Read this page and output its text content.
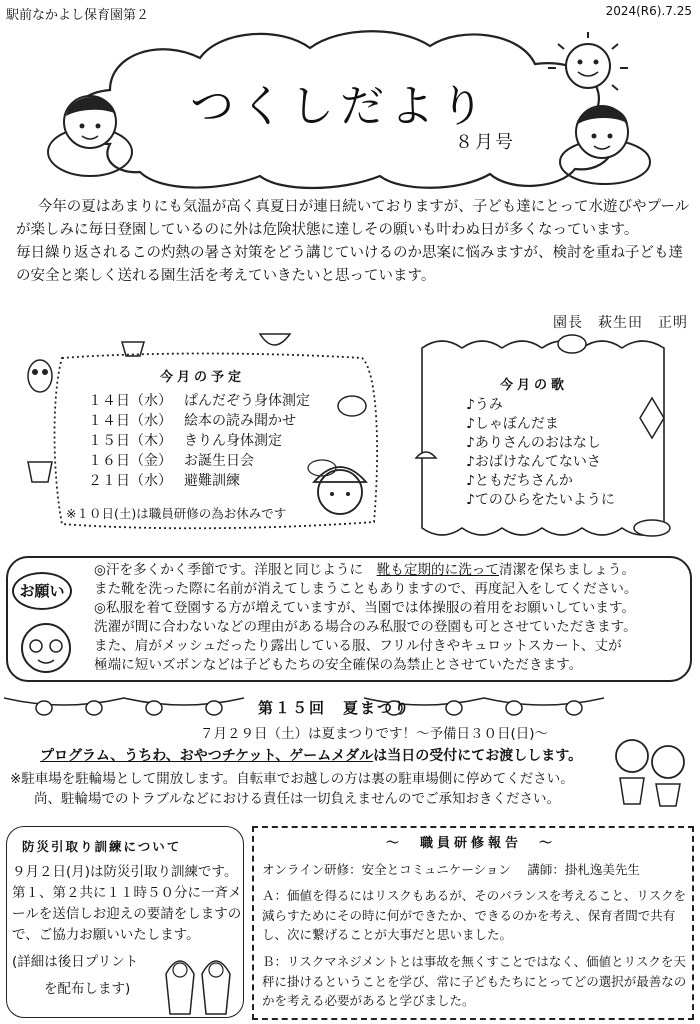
駅前なかよし保育園第２	2024(R6).7.25
つくしだより
８月号

今年の夏はあまりにも気温が高く真夏日が連日続いておりますが、子ども達にとって水遊びやプールが楽しみに毎日登園しているのに外は危険状態に達しその願いも叶わぬ日が多くなっています。

毎日繰り返されるこの灼熱の暑さ対策をどう講じていけるのか思案に悩みますが、検討を重ね子ども達の安全と楽しく送れる園生活を考えていきたいと思っています。

園長　萩生田　正明
今月の予定
１４日（水） ぱんだぞう身体測定
１４日（水） 絵本の読み聞かせ
１５日（木） きりん身体測定
１６日（金） お誕生日会
２１日（水） 避難訓練
※１０日(土)は職員研修の為お休みです
今月の歌
♪うみ
♪しゃぼんだま
♪ありさんのおはなし
♪おばけなんてないさ
♪ともだちさんか
♪てのひらをたいように
お願い
◎汗を多くかく季節です。洋服と同じように　靴も定期的に洗って清潔を保ちましょう。
また靴を洗った際に名前が消えてしまうこともありますので、再度記入をしてください。
◎私服を着て登園する方が増えていますが、当園では体操服の着用をお願いしています。
洗濯が間に合わないなどの理由がある場合のみ私服での登園も可とさせていただきます。
また、肩がメッシュだったり露出している服、フリル付きやキュロットスカート、丈が
極端に短いズボンなどは子どもたちの安全確保の為禁止とさせていただきます。
第１５回　夏まつり
７月２９日（土）は夏まつりです！～予備日３０日(日)～
プログラム、うちわ、おやつチケット、ゲームメダルは当日の受付にてお渡しします。
※駐車場を駐輪場として開放します。自転車でお越しの方は裏の駐車場側に停めてください。
尚、駐輪場でのトラブルなどにおける責任は一切負えませんのでご承知おきください。
防災引取り訓練について
９月２日(月)は防災引取り訓練です。第１、第２共に１１時５０分に一斉メールを送信しお迎えの要請をしますので、ご協力お願いいたします。
(詳細は後日プリント
を配布します)
～　職員研修報告　～
オンライン研修：安全とコミュニケーション　 講師：掛札逸美先生
Ａ：価値を得るにはリスクもあるが、そのバランスを考えること、リスクを減らすためにその時に何ができたか、できるのかを考え、保育者間で共有し、次に繋げることが大事だと思いました。
Ｂ：リスクマネジメントとは事故を無くすことではなく、価値とリスクを天秤に掛けるということを学び、常に子どもたちにとってどの選択が最善なのかを考える必要があると学びました。
